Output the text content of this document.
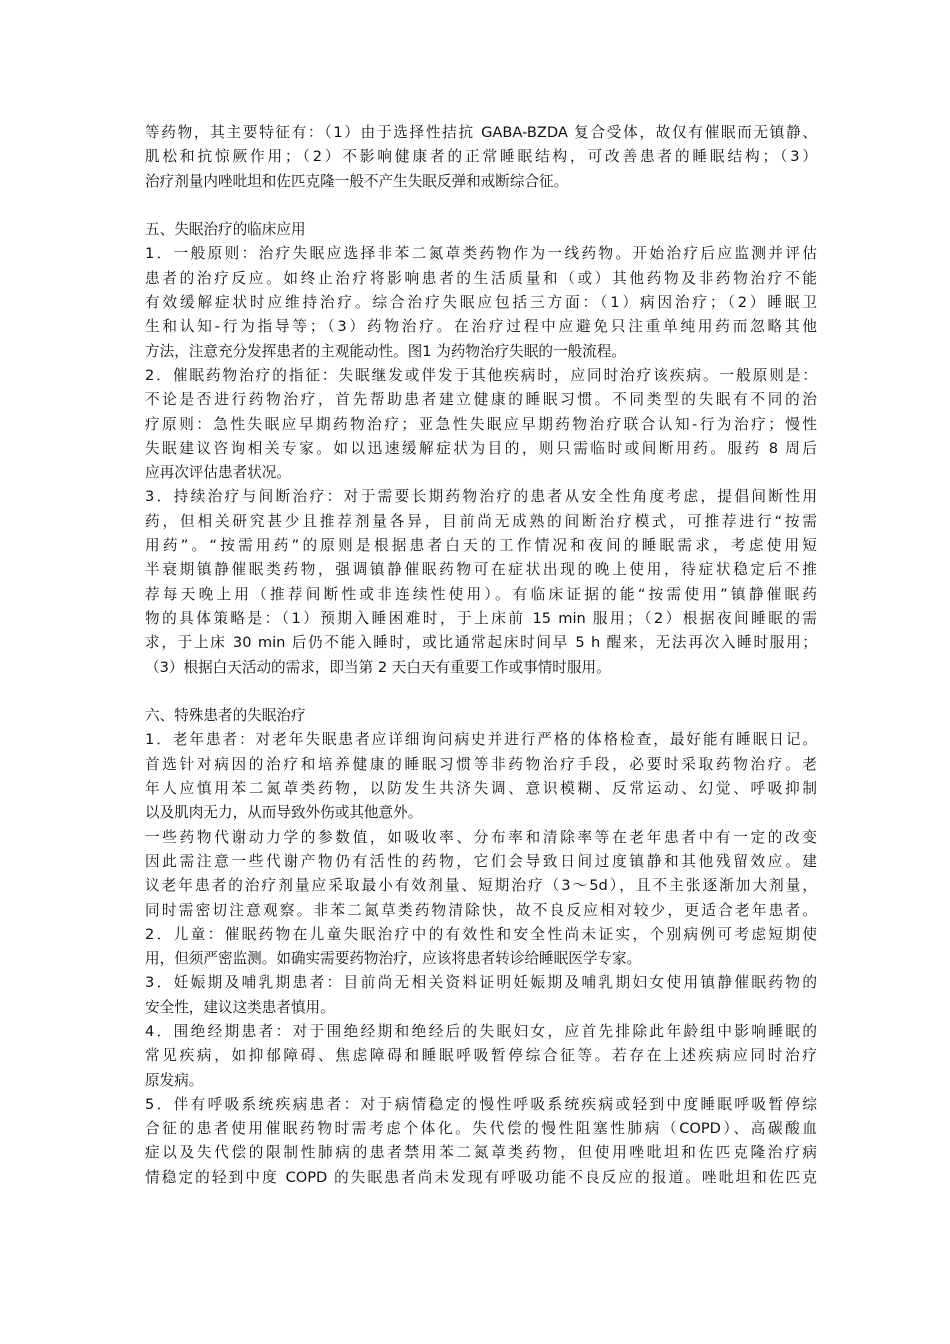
等药物，其主要特征有：（1）由于选择性拮抗 GABA-BZDA 复合受体，故仅有催眠而无镇静、
肌松和抗惊厥作用；（2）不影响健康者的正常睡眠结构，可改善患者的睡眠结构；（3）
治疗剂量内唑吡坦和佐匹克隆一般不产生失眠反弹和戒断综合征。
五、失眠治疗的临床应用
1．一般原则：治疗失眠应选择非苯二氮䓬类药物作为一线药物。开始治疗后应监测并评估
患者的治疗反应。如终止治疗将影响患者的生活质量和（或）其他药物及非药物治疗不能
有效缓解症状时应维持治疗。综合治疗失眠应包括三方面：（1）病因治疗；（2）睡眠卫
生和认知-行为指导等；（3）药物治疗。在治疗过程中应避免只注重单纯用药而忽略其他
方法，注意充分发挥患者的主观能动性。图1 为药物治疗失眠的一般流程。
2．催眠药物治疗的指征：失眠继发或伴发于其他疾病时，应同时治疗该疾病。一般原则是：
不论是否进行药物治疗，首先帮助患者建立健康的睡眠习惯。不同类型的失眠有不同的治
疗原则：急性失眠应早期药物治疗；亚急性失眠应早期药物治疗联合认知-行为治疗；慢性
失眠建议咨询相关专家。如以迅速缓解症状为目的，则只需临时或间断用药。服药 8 周后
应再次评估患者状况。
3．持续治疗与间断治疗：对于需要长期药物治疗的患者从安全性角度考虑，提倡间断性用
药，但相关研究甚少且推荐剂量各异，目前尚无成熟的间断治疗模式，可推荐进行“按需
用药”。“按需用药”的原则是根据患者白天的工作情况和夜间的睡眠需求，考虑使用短
半衰期镇静催眠类药物，强调镇静催眠药物可在症状出现的晚上使用，待症状稳定后不推
荐每天晚上用（推荐间断性或非连续性使用）。有临床证据的能“按需使用”镇静催眠药
物的具体策略是：（1）预期入睡困难时，于上床前 15 min 服用；（2）根据夜间睡眠的需
求，于上床 30 min 后仍不能入睡时，或比通常起床时间早 5 h 醒来，无法再次入睡时服用；
（3）根据白天活动的需求，即当第 2 天白天有重要工作或事情时服用。
六、特殊患者的失眠治疗
1．老年患者：对老年失眠患者应详细询问病史并进行严格的体格检查，最好能有睡眠日记。
首选针对病因的治疗和培养健康的睡眠习惯等非药物治疗手段，必要时采取药物治疗。老
年人应慎用苯二氮䓬类药物，以防发生共济失调、意识模糊、反常运动、幻觉、呼吸抑制
以及肌肉无力，从而导致外伤或其他意外。
一些药物代谢动力学的参数值，如吸收率、分布率和清除率等在老年患者中有一定的改变
因此需注意一些代谢产物仍有活性的药物，它们会导致日间过度镇静和其他残留效应。建
议老年患者的治疗剂量应采取最小有效剂量、短期治疗（3～5d），且不主张逐渐加大剂量，
同时需密切注意观察。非苯二氮草类药物清除快，故不良反应相对较少，更适合老年患者。
2．儿童：催眠药物在儿童失眠治疗中的有效性和安全性尚未证实，个别病例可考虑短期使
用，但须严密监测。如确实需要药物治疗，应该将患者转诊给睡眠医学专家。
3．妊娠期及哺乳期患者：目前尚无相关资料证明妊娠期及哺乳期妇女使用镇静催眠药物的
安全性，建议这类患者慎用。
4．围绝经期患者：对于围绝经期和绝经后的失眠妇女，应首先排除此年龄组中影响睡眠的
常见疾病，如抑郁障碍、焦虑障碍和睡眠呼吸暂停综合征等。若存在上述疾病应同时治疗
原发病。
5．伴有呼吸系统疾病患者：对于病情稳定的慢性呼吸系统疾病或轻到中度睡眠呼吸暂停综
合征的患者使用催眠药物时需考虑个体化。失代偿的慢性阻塞性肺病（COPD）、高碳酸血
症以及失代偿的限制性肺病的患者禁用苯二氮䓬类药物，但使用唑吡坦和佐匹克隆治疗病
情稳定的轻到中度 COPD 的失眠患者尚未发现有呼吸功能不良反应的报道。唑吡坦和佐匹克
